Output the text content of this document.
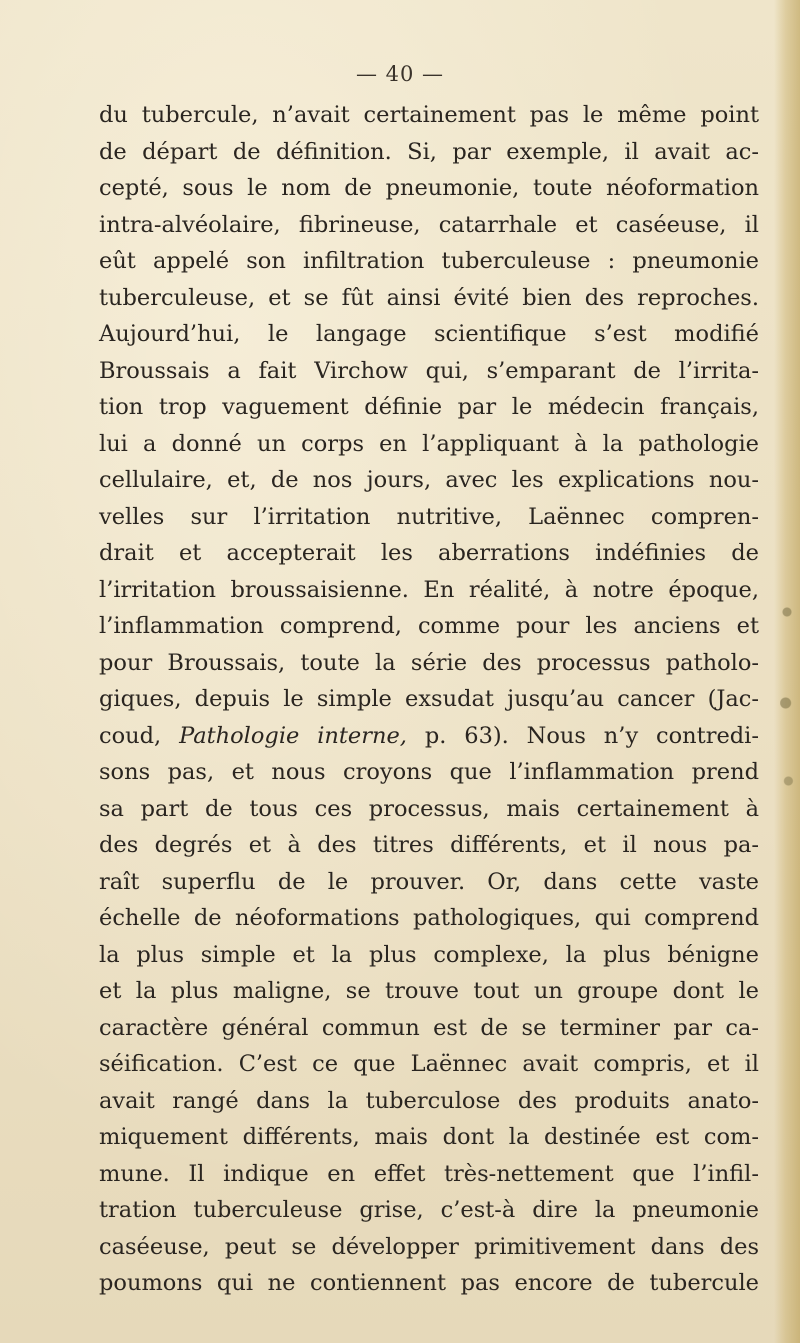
— 40 —
du tubercule, n’avait certainement pas le même point
de départ de définition. Si, par exemple, il avait ac-
cepté, sous le nom de pneumonie, toute néoformation
intra-alvéolaire, fibrineuse, catarrhale et caséeuse, il
eût appelé son infiltration tuberculeuse : pneumonie
tuberculeuse, et se fût ainsi évité bien des reproches.
Aujourd’hui, le langage scientifique s’est modifié
Broussais a fait Virchow qui, s’emparant de l’irrita-
tion trop vaguement définie par le médecin français,
lui a donné un corps en l’appliquant à la pathologie
cellulaire, et, de nos jours, avec les explications nou-
velles sur l’irritation nutritive, Laënnec compren-
drait et accepterait les aberrations indéfinies de
l’irritation broussaisienne. En réalité, à notre époque,
l’inflammation comprend, comme pour les anciens et
pour Broussais, toute la série des processus patholo-
giques, depuis le simple exsudat jusqu’au cancer (Jac-
coud, Pathologie interne, p. 63). Nous n’y contredi-
sons pas, et nous croyons que l’inflammation prend
sa part de tous ces processus, mais certainement à
des degrés et à des titres différents, et il nous pa-
raît superflu de le prouver. Or, dans cette vaste
échelle de néoformations pathologiques, qui comprend
la plus simple et la plus complexe, la plus bénigne
et la plus maligne, se trouve tout un groupe dont le
caractère général commun est de se terminer par ca-
séification. C’est ce que Laënnec avait compris, et il
avait rangé dans la tuberculose des produits anato-
miquement différents, mais dont la destinée est com-
mune. Il indique en effet très-nettement que l’infil-
tration tuberculeuse grise, c’est-à dire la pneumonie
caséeuse, peut se développer primitivement dans des
poumons qui ne contiennent pas encore de tubercule
